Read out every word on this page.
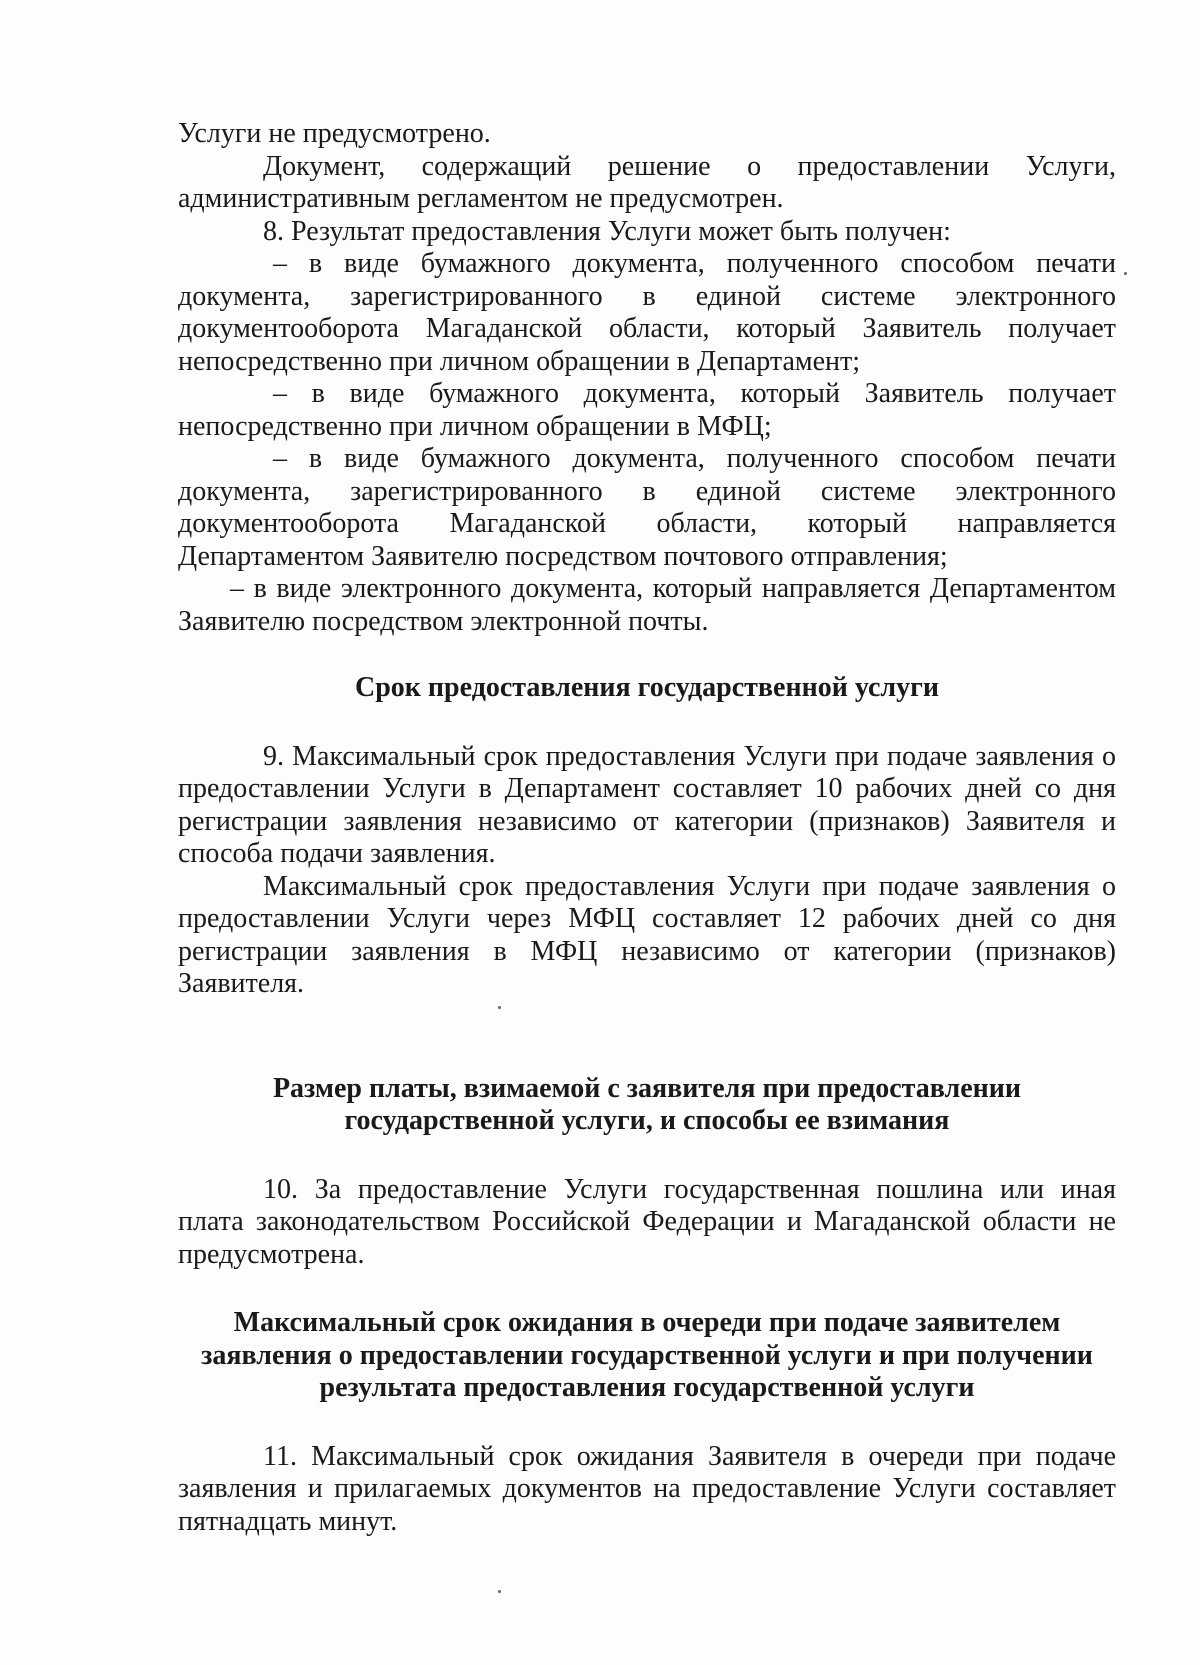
Услуги не предусмотрено.

Документ, содержащий решение о предоставлении Услуги, административным регламентом не предусмотрен.

8. Результат предоставления Услуги может быть получен:

– в виде бумажного документа, полученного способом печати документа, зарегистрированного в единой системе электронного документооборота Магаданской области, который Заявитель получает непосредственно при личном обращении в Департамент;

– в виде бумажного документа, который Заявитель получает непосредственно при личном обращении в МФЦ;

– в виде бумажного документа, полученного способом печати документа, зарегистрированного в единой системе электронного документооборота Магаданской области, который направляется Департаментом Заявителю посредством почтового отправления;

– в виде электронного документа, который направляется Департаментом Заявителю посредством электронной почты.

Срок предоставления государственной услуги

9. Максимальный срок предоставления Услуги при подаче заявления о предоставлении Услуги в Департамент составляет 10 рабочих дней со дня регистрации заявления независимо от категории (признаков) Заявителя и способа подачи заявления.

Максимальный срок предоставления Услуги при подаче заявления о предоставлении Услуги через МФЦ составляет 12 рабочих дней со дня регистрации заявления в МФЦ независимо от категории (признаков) Заявителя.

Размер платы, взимаемой с заявителя при предоставлении
государственной услуги, и способы ее взимания

10. За предоставление Услуги государственная пошлина или иная плата законодательством Российской Федерации и Магаданской области не предусмотрена.

Максимальный срок ожидания в очереди при подаче заявителем
заявления о предоставлении государственной услуги и при получении
результата предоставления государственной услуги

11. Максимальный срок ожидания Заявителя в очереди при подаче заявления и прилагаемых документов на предоставление Услуги составляет пятнадцать минут.
